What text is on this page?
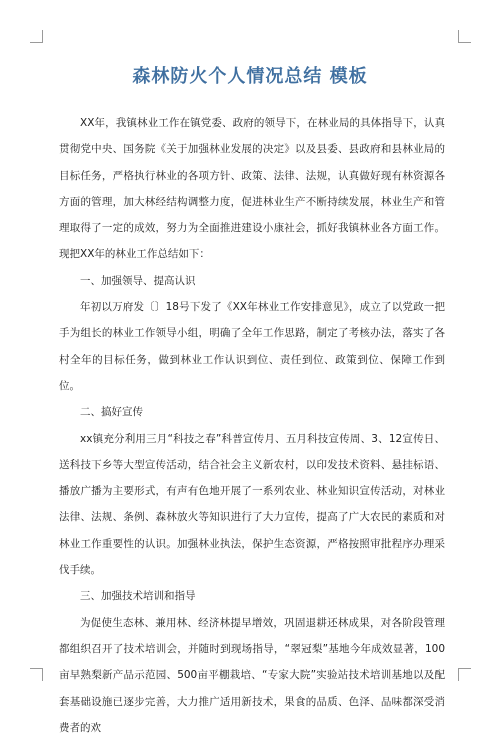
森林防火个人情况总结 模板

XX年，我镇林业工作在镇党委、政府的领导下，在林业局的具体指导下，认真贯彻党中央、国务院《关于加强林业发展的决定》以及县委、县政府和县林业局的目标任务，严格执行林业的各项方针、政策、法律、法规，认真做好现有林资源各方面的管理，加大林经结构调整力度，促进林业生产不断持续发展，林业生产和管理取得了一定的成效，努力为全面推进建设小康社会，抓好我镇林业各方面工作。现把XX年的林业工作总结如下：

一、加强领导、提高认识

年初以万府发〔〕18号下发了《XX年林业工作安排意见》，成立了以党政一把手为组长的林业工作领导小组，明确了全年工作思路，制定了考核办法，落实了各村全年的目标任务，做到林业工作认识到位、责任到位、政策到位、保障工作到位。

二、搞好宣传

xx镇充分利用三月“科技之春”科普宣传月、五月科技宣传周、3、12宣传日、送科技下乡等大型宣传活动，结合社会主义新农村，以印发技术资料、悬挂标语、播放广播为主要形式，有声有色地开展了一系列农业、林业知识宣传活动，对林业法律、法规、条例、森林放火等知识进行了大力宣传，提高了广大农民的素质和对林业工作重要性的认识。加强林业执法，保护生态资源，严格按照审批程序办理采伐手续。

三、加强技术培训和指导

为促使生态林、兼用林、经济林提早增效，巩固退耕还林成果，对各阶段管理都组织召开了技术培训会，并随时到现场指导，“翠冠梨”基地今年成效显著，100亩早熟梨新产品示范园、500亩平棚栽培、“专家大院”实验站技术培训基地以及配套基础设施已逐步完善，大力推广适用新技术，果食的品质、色泽、品味都深受消费者的欢
